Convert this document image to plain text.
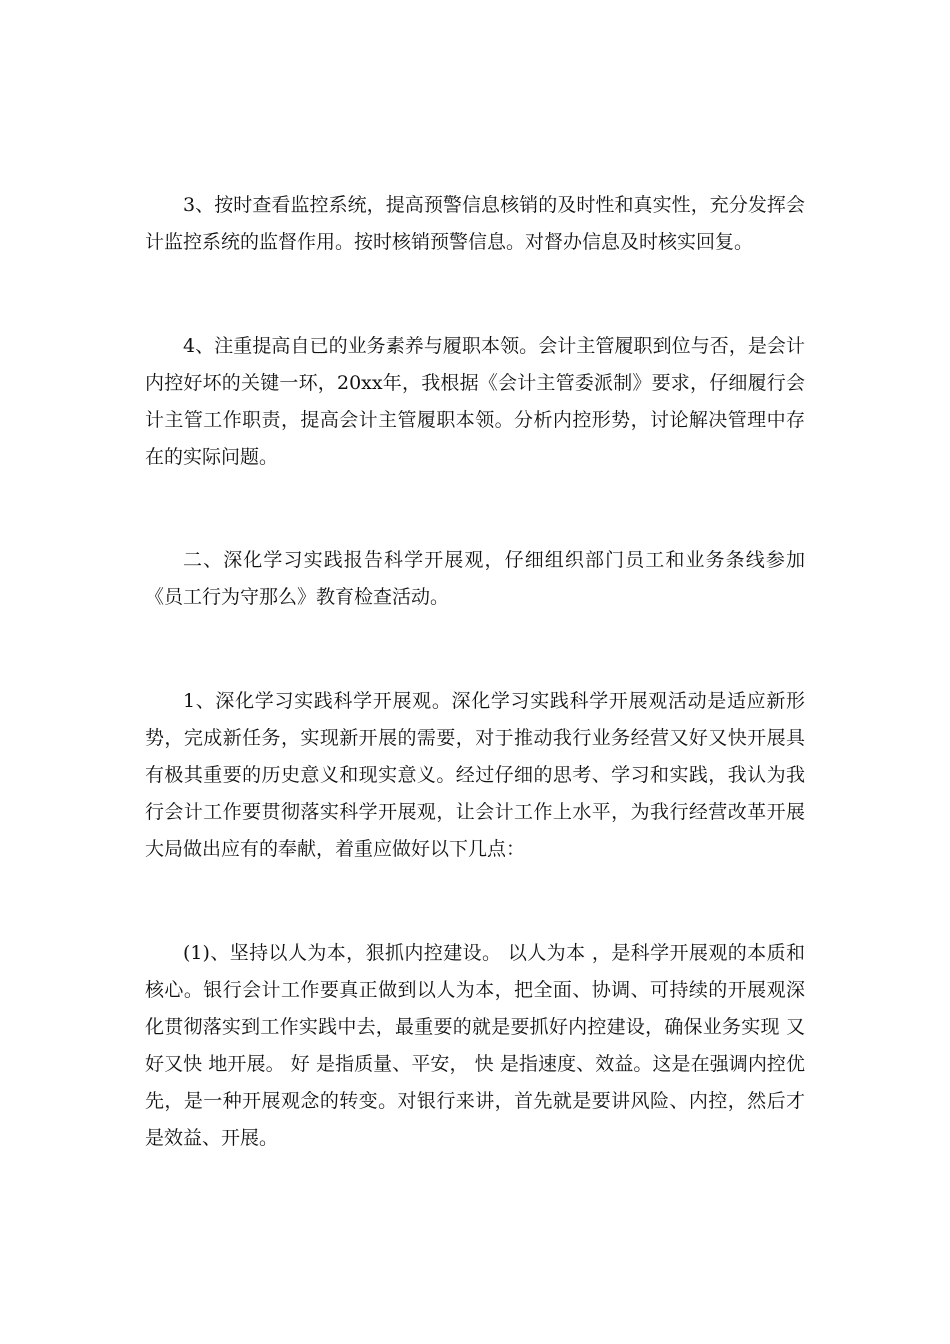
3、按时查看监控系统，提高预警信息核销的及时性和真实性，充分发挥会计监控系统的监督作用。按时核销预警信息。对督办信息及时核实回复。

4、注重提高自已的业务素养与履职本领。会计主管履职到位与否，是会计内控好坏的关键一环，20xx年，我根据《会计主管委派制》要求，仔细履行会计主管工作职责，提高会计主管履职本领。分析内控形势，讨论解决管理中存在的实际问题。

二、深化学习实践报告科学开展观，仔细组织部门员工和业务条线参加《员工行为守那么》教育检查活动。

1、深化学习实践科学开展观。深化学习实践科学开展观活动是适应新形势，完成新任务，实现新开展的需要，对于推动我行业务经营又好又快开展具有极其重要的历史意义和现实意义。经过仔细的思考、学习和实践，我认为我行会计工作要贯彻落实科学开展观，让会计工作上水平，为我行经营改革开展大局做出应有的奉献，着重应做好以下几点：

(1)、坚持以人为本，狠抓内控建设。 以人为本 ，是科学开展观的本质和核心。银行会计工作要真正做到以人为本，把全面、协调、可持续的开展观深化贯彻落实到工作实践中去，最重要的就是要抓好内控建设，确保业务实现 又好又快 地开展。 好 是指质量、平安， 快 是指速度、效益。这是在强调内控优先，是一种开展观念的转变。对银行来讲，首先就是要讲风险、内控，然后才是效益、开展。
